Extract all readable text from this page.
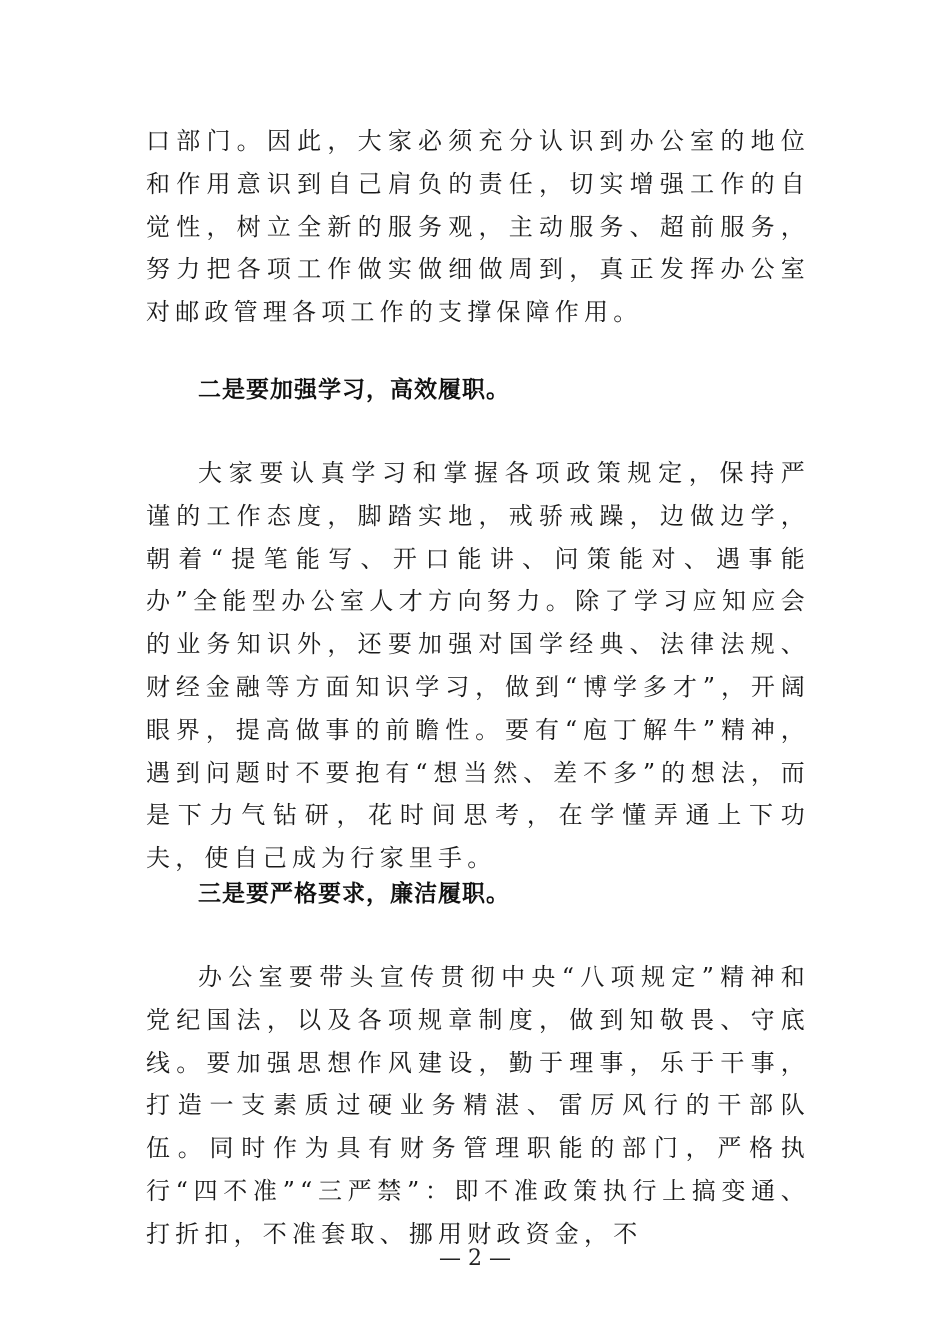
口部门。因此，大家必须充分认识到办公室的地位和作用意识到自己肩负的责任，切实增强工作的自觉性，树立全新的服务观，主动服务、超前服务，努力把各项工作做实做细做周到，真正发挥办公室对邮政管理各项工作的支撑保障作用。

二是要加强学习，高效履职。

大家要认真学习和掌握各项政策规定，保持严谨的工作态度，脚踏实地，戒骄戒躁，边做边学，朝着“提笔能写、开口能讲、问策能对、遇事能办”全能型办公室人才方向努力。除了学习应知应会的业务知识外，还要加强对国学经典、法律法规、财经金融等方面知识学习，做到“博学多才”，开阔眼界，提高做事的前瞻性。要有“庖丁解牛”精神，遇到问题时不要抱有“想当然、差不多”的想法，而是下力气钻研，花时间思考，在学懂弄通上下功夫，使自己成为行家里手。

三是要严格要求，廉洁履职。

办公室要带头宣传贯彻中央“八项规定”精神和党纪国法，以及各项规章制度，做到知敬畏、守底线。要加强思想作风建设，勤于理事，乐于干事，打造一支素质过硬业务精湛、雷厉风行的干部队伍。同时作为具有财务管理职能的部门，严格执行“四不准”“三严禁”：即不准政策执行上搞变通、打折扣，不准套取、挪用财政资金，不

— 2 —
